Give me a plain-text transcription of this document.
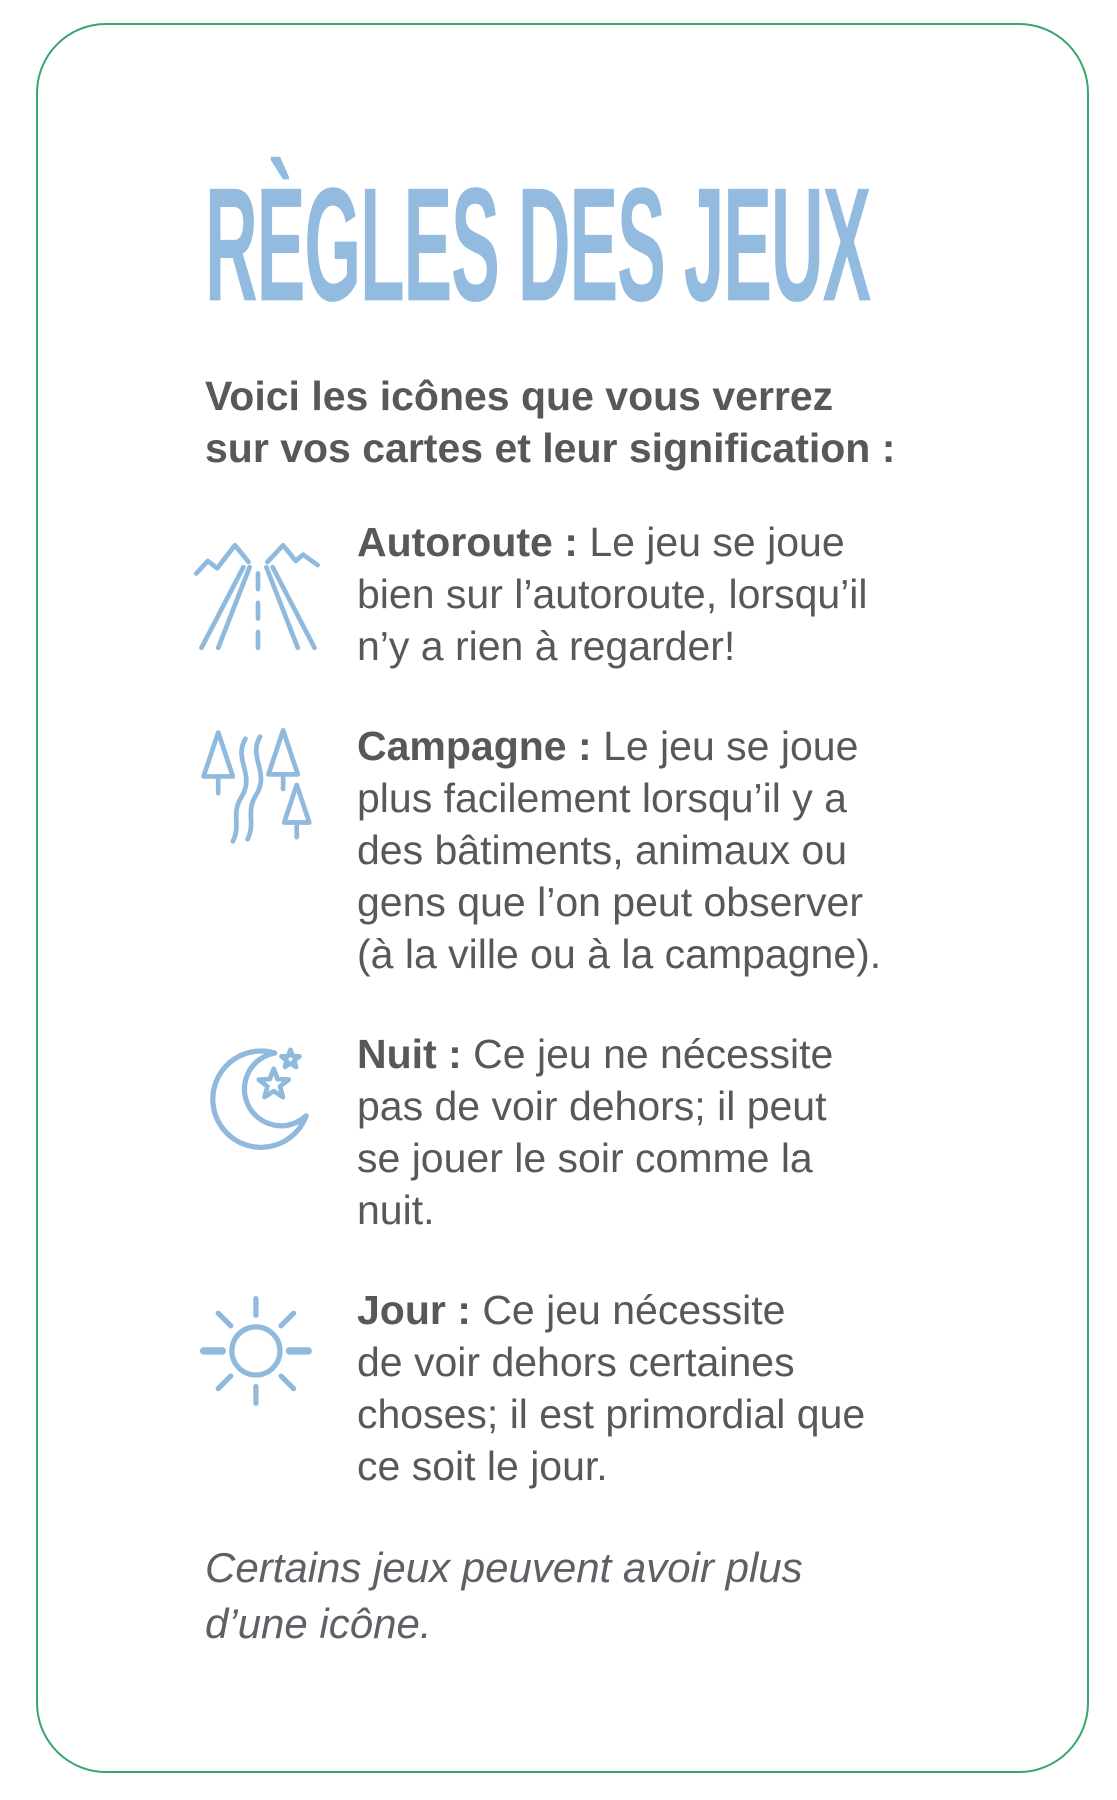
RÈGLES DES JEUX

Voici les icônes que vous verrez

sur vos cartes et leur signification :

Autoroute : Le jeu se joue

bien sur l’autoroute, lorsqu’il

n’y a rien à regarder!

Campagne : Le jeu se joue

plus facilement lorsqu’il y a

des bâtiments, animaux ou

gens que l’on peut observer

(à la ville ou à la campagne).

Nuit : Ce jeu ne nécessite

pas de voir dehors; il peut

se jouer le soir comme la

nuit.

Jour : Ce jeu nécessite

de voir dehors certaines

choses; il est primordial que

ce soit le jour.

Certains jeux peuvent avoir plus

d’une icône.
